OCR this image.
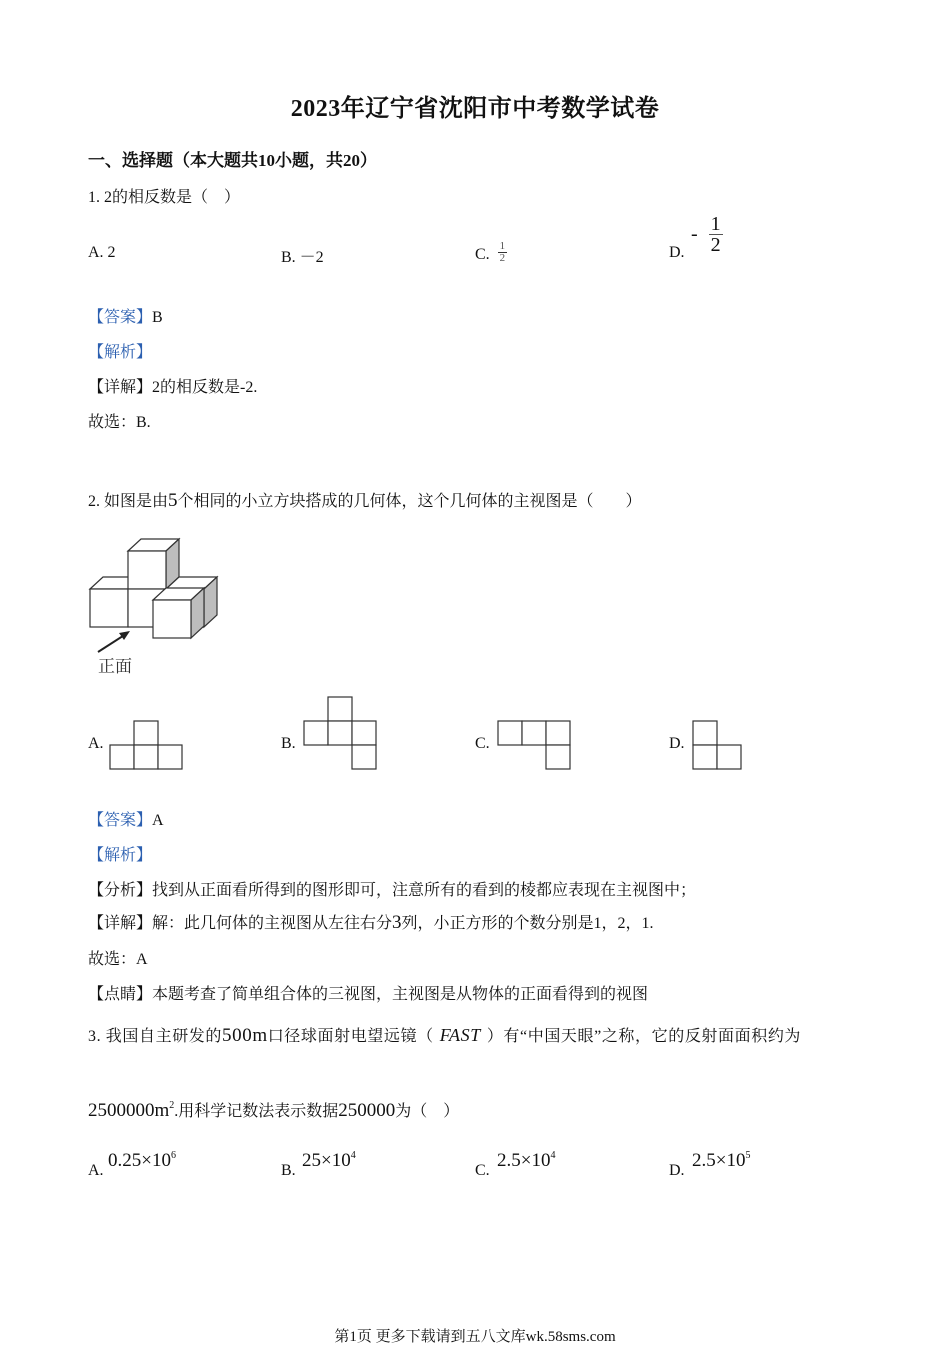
2023年辽宁省沈阳市中考数学试卷
一、选择题（本大题共10小题，共20）
1. 2的相反数是（　）
A. 2	B. －2	C. $\frac{1}{2}$	D.
- $\frac{1}{2}$
【答案】B
【解析】
【详解】2的相反数是-2.
故选：B.
2. 如图是由5个相同的小立方块搭成的几何体，这个几何体的主视图是（　　）
正面
A.	B.	C.	D.
【答案】A
【解析】
【分析】找到从正面看所得到的图形即可，注意所有的看到的棱都应表现在主视图中；
【详解】解：此几何体的主视图从左往右分3列，小正方形的个数分别是1，2，1.
故选：A
【点睛】本题考查了简单组合体的三视图，主视图是从物体的正面看得到的视图
3. 我国自主研发的500m口径球面射电望远镜（ FAST ）有“中国天眼”之称，它的反射面面积约为
$2500000m^2$.用科学记数法表示数据250000为（　）
A. $0.25\times 10^6$
B. $25\times 10^4$
C. $2.5\times 10^4$
D. $2.5\times 10^5$
第1页 更多下载请到五八文库wk.58sms.com
